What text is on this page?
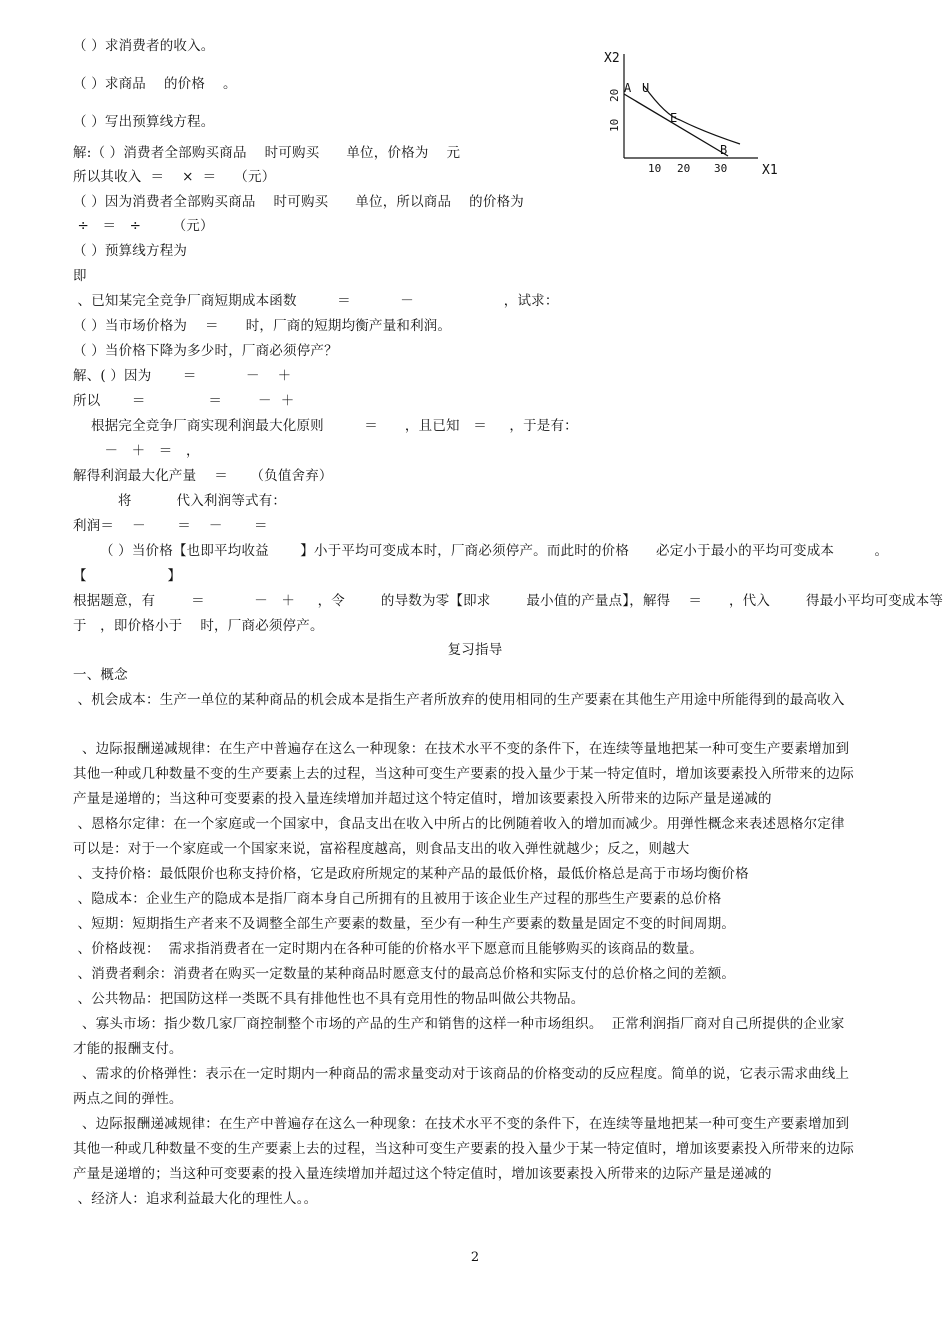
X2
X1
20
10
10 20 30
A U
E
B
（ ）求消费者的收入。
（ ）求商品    的价格    。
（ ）写出预算线方程。
解:（ ）消费者全部购买商品    时可购买      单位，价格为    元
所以其收入  ＝    ×  ＝    （元）
（ ）因为消费者全部购买商品    时可购买      单位，所以商品    的价格为
÷   ＝   ÷       （元）
（ ）预算线方程为
即
、已知某完全竞争厂商短期成本函数         ＝           －                    ，试求：
（ ）当市场价格为    ＝      时，厂商的短期均衡产量和利润。
（ ）当价格下降为多少时，厂商必须停产？
解、( ）因为       ＝           －    ＋
所以       ＝              ＝        －  ＋
根据完全竞争厂商实现利润最大化原则         ＝      ，且已知   ＝     ，于是有：
－   ＋   ＝   ，
解得利润最大化产量    ＝     （负值舍弃）
将          代入利润等式有：
利润＝    －       ＝    －       ＝
（ ）当价格【也即平均收益       】小于平均可变成本时，厂商必须停产。而此时的价格      必定小于最小的平均可变成本         。
【                  】
根据题意，有        ＝           －   ＋     ，令        的导数为零【即求        最小值的产量点】，解得    ＝      ，代入        得最小平均可变成本等
于   ，即价格小于    时，厂商必须停产。
复习指导
一、概念
、机会成本：生产一单位的某种商品的机会成本是指生产者所放弃的使用相同的生产要素在其他生产用途中所能得到的最高收入
、边际报酬递减规律：在生产中普遍存在这么一种现象：在技术水平不变的条件下，在连续等量地把某一种可变生产要素增加到
其他一种或几种数量不变的生产要素上去的过程，当这种可变生产要素的投入量少于某一特定值时，增加该要素投入所带来的边际
产量是递增的；当这种可变要素的投入量连续增加并超过这个特定值时，增加该要素投入所带来的边际产量是递减的
、恩格尔定律：在一个家庭或一个国家中，食品支出在收入中所占的比例随着收入的增加而减少。用弹性概念来表述恩格尔定律
可以是：对于一个家庭或一个国家来说，富裕程度越高，则食品支出的收入弹性就越少；反之，则越大
、支持价格：最低限价也称支持价格，它是政府所规定的某种产品的最低价格，最低价格总是高于市场均衡价格
、隐成本：企业生产的隐成本是指厂商本身自己所拥有的且被用于该企业生产过程的那些生产要素的总价格
、短期：短期指生产者来不及调整全部生产要素的数量，至少有一种生产要素的数量是固定不变的时间周期。
、价格歧视：  需求指消费者在一定时期内在各种可能的价格水平下愿意而且能够购买的该商品的数量。
、消费者剩余：消费者在购买一定数量的某种商品时愿意支付的最高总价格和实际支付的总价格之间的差额。
、公共物品：把国防这样一类既不具有排他性也不具有竞用性的物品叫做公共物品。
、寡头市场：指少数几家厂商控制整个市场的产品的生产和销售的这样一种市场组织。  正常利润指厂商对自己所提供的企业家
才能的报酬支付。
、需求的价格弹性：表示在一定时期内一种商品的需求量变动对于该商品的价格变动的反应程度。简单的说，它表示需求曲线上
两点之间的弹性。
、边际报酬递减规律：在生产中普遍存在这么一种现象：在技术水平不变的条件下，在连续等量地把某一种可变生产要素增加到
其他一种或几种数量不变的生产要素上去的过程，当这种可变生产要素的投入量少于某一特定值时，增加该要素投入所带来的边际
产量是递增的；当这种可变要素的投入量连续增加并超过这个特定值时，增加该要素投入所带来的边际产量是递减的
、经济人：追求利益最大化的理性人。。
2
